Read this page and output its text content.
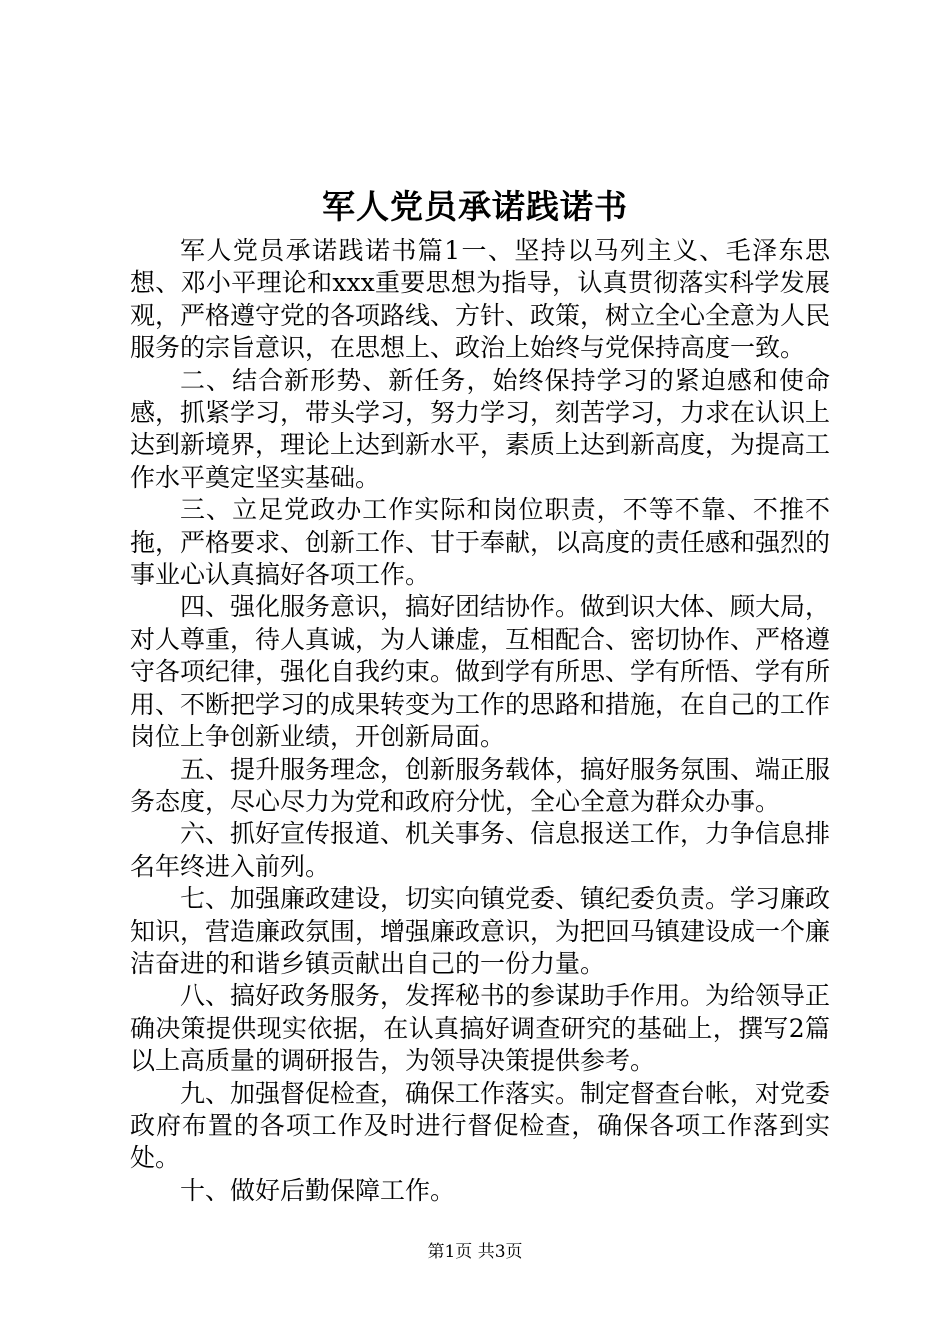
军人党员承诺践诺书

军人党员承诺践诺书篇1一、坚持以马列主义、毛泽东思想、邓小平理论和xxx重要思想为指导，认真贯彻落实科学发展观，严格遵守党的各项路线、方针、政策，树立全心全意为人民服务的宗旨意识，在思想上、政治上始终与党保持高度一致。

二、结合新形势、新任务，始终保持学习的紧迫感和使命感，抓紧学习，带头学习，努力学习，刻苦学习，力求在认识上达到新境界，理论上达到新水平，素质上达到新高度，为提高工作水平奠定坚实基础。

三、立足党政办工作实际和岗位职责，不等不靠、不推不拖，严格要求、创新工作、甘于奉献，以高度的责任感和强烈的事业心认真搞好各项工作。

四、强化服务意识，搞好团结协作。做到识大体、顾大局，对人尊重，待人真诚，为人谦虚，互相配合、密切协作、严格遵守各项纪律，强化自我约束。做到学有所思、学有所悟、学有所用、不断把学习的成果转变为工作的思路和措施，在自己的工作岗位上争创新业绩，开创新局面。

五、提升服务理念，创新服务载体，搞好服务氛围、端正服务态度，尽心尽力为党和政府分忧，全心全意为群众办事。

六、抓好宣传报道、机关事务、信息报送工作，力争信息排名年终进入前列。

七、加强廉政建设，切实向镇党委、镇纪委负责。学习廉政知识，营造廉政氛围，增强廉政意识，为把回马镇建设成一个廉洁奋进的和谐乡镇贡献出自己的一份力量。

八、搞好政务服务，发挥秘书的参谋助手作用。为给领导正确决策提供现实依据，在认真搞好调查研究的基础上，撰写2篇以上高质量的调研报告，为领导决策提供参考。

九、加强督促检查，确保工作落实。制定督查台帐，对党委政府布置的各项工作及时进行督促检查，确保各项工作落到实处。

十、做好后勤保障工作。

第1页 共3页
